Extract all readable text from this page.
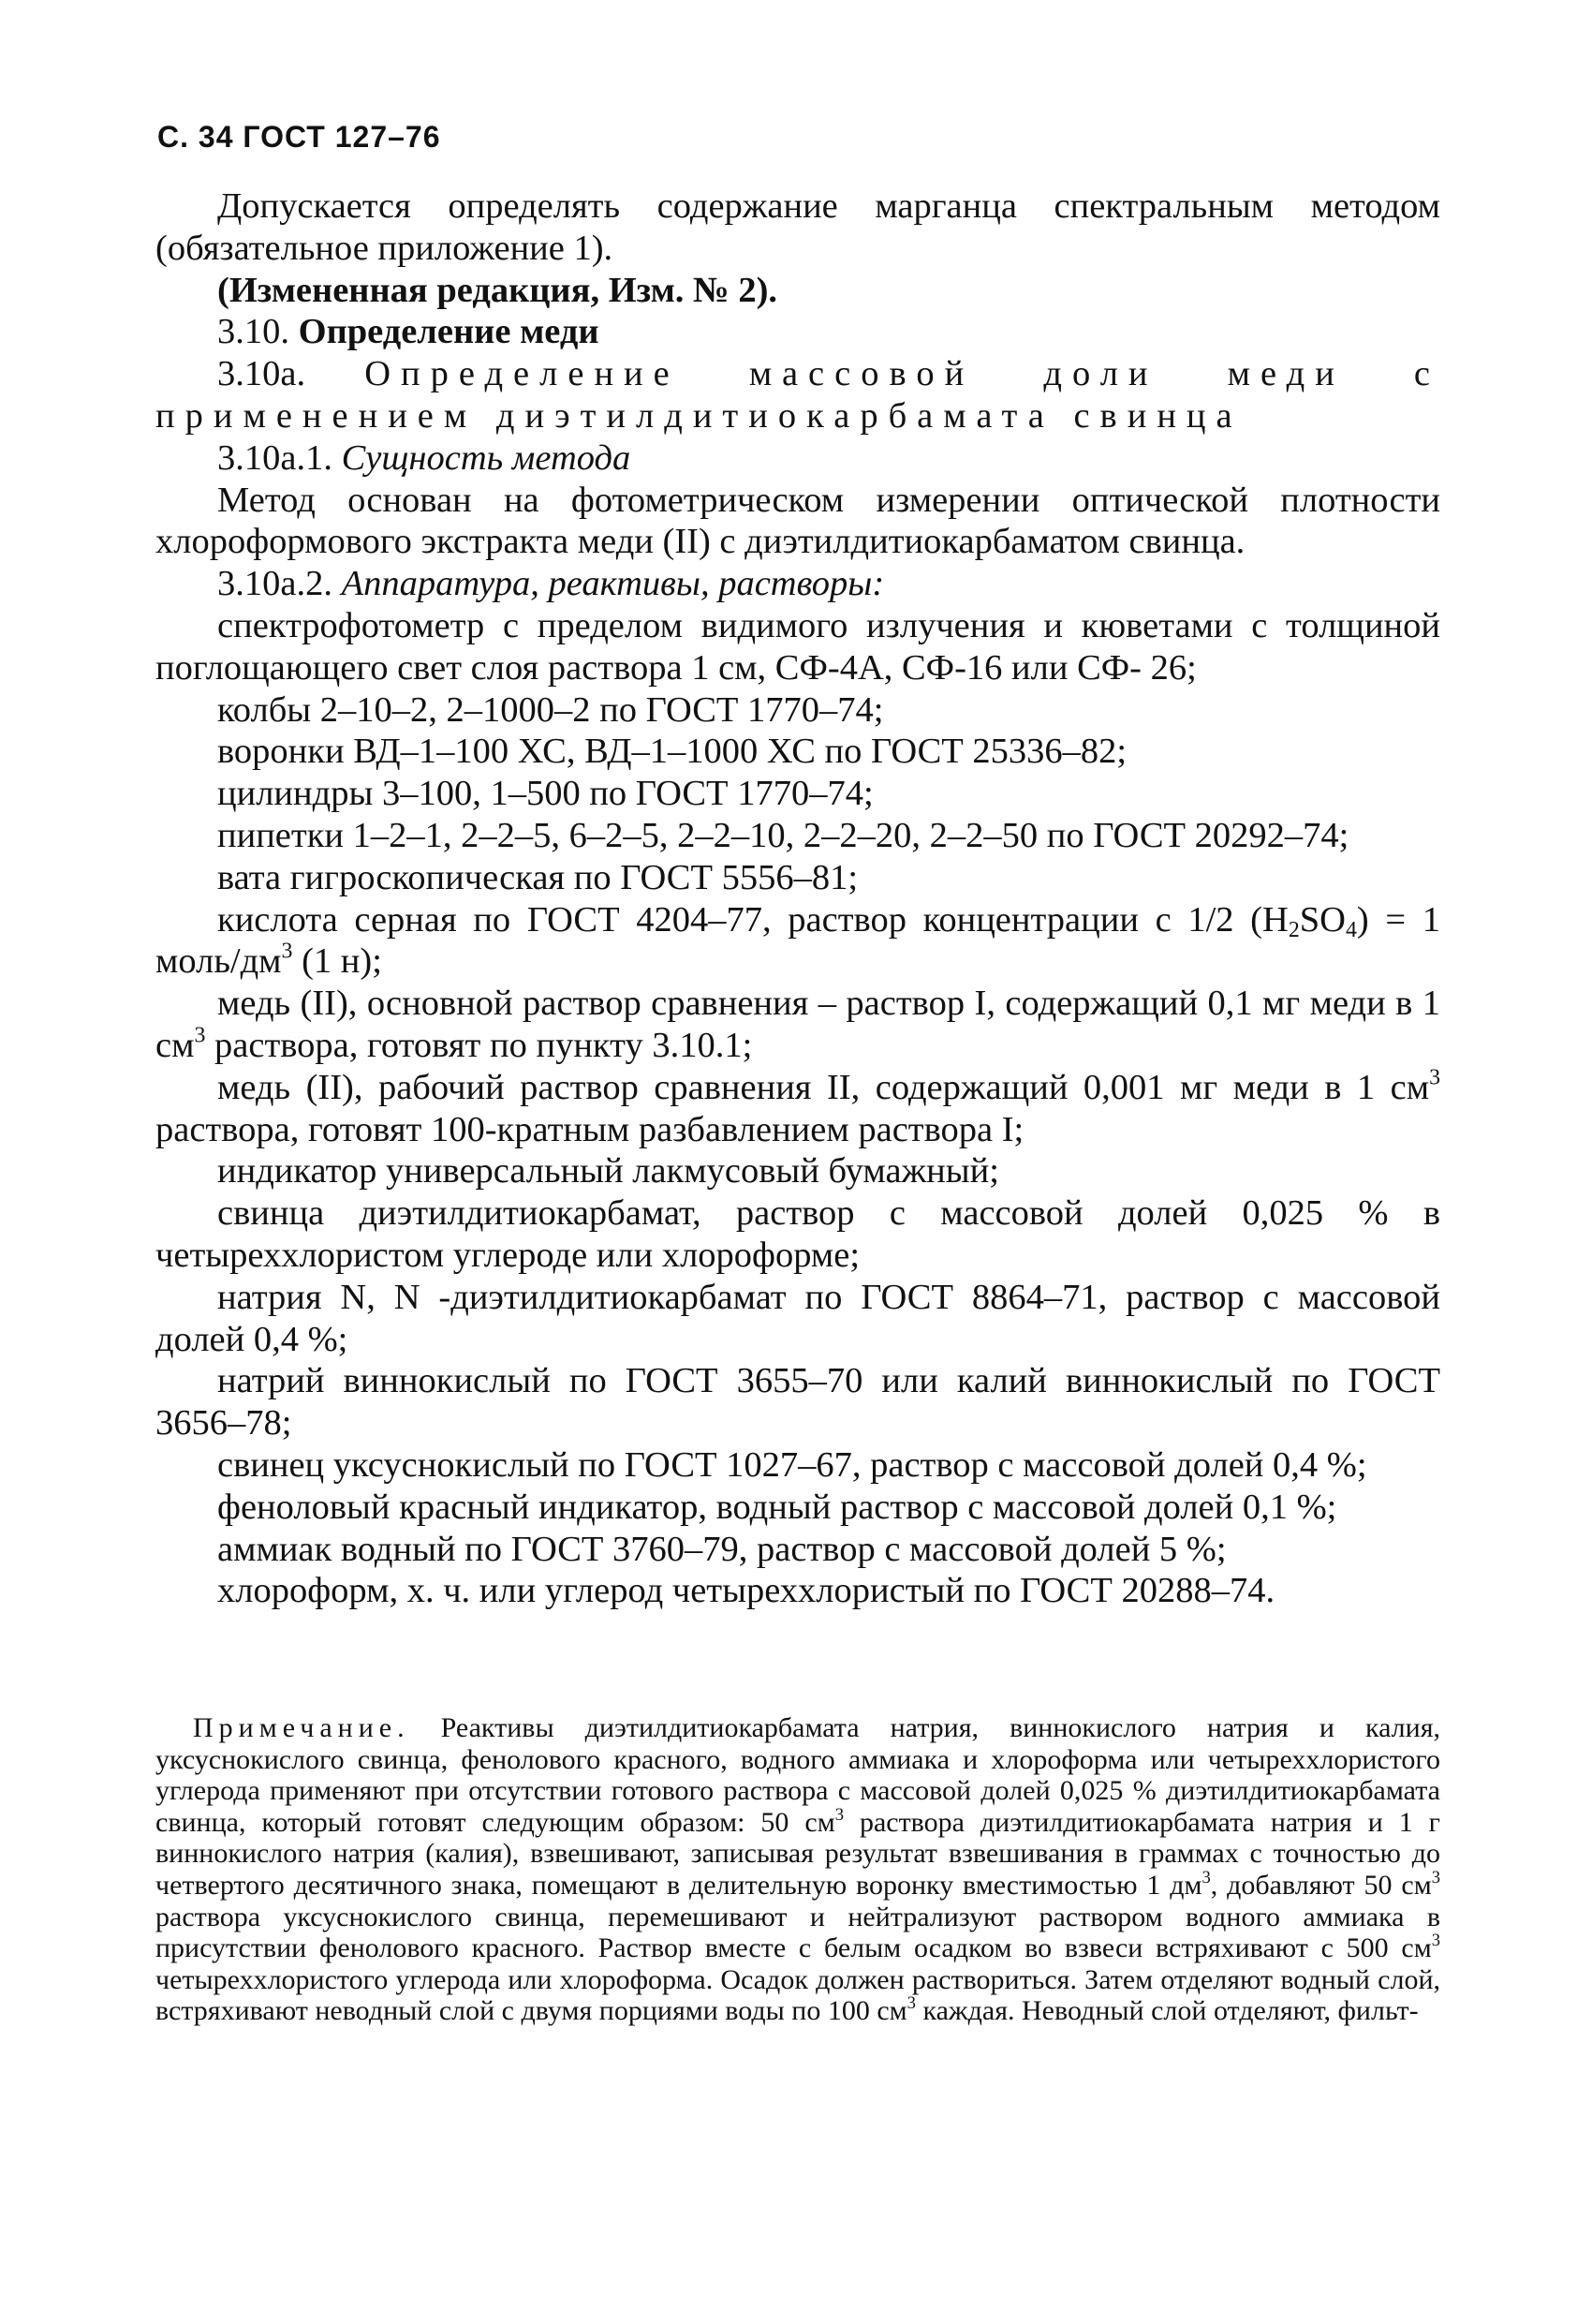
С. 34 ГОСТ 127–76

Допускается определять содержание марганца спектральным методом (обязательное приложение 1).

(Измененная редакция, Изм. № 2).

3.10. Определение меди

3.10а. Определение массовой доли меди с применением диэтилдитиокарбамата свинца

3.10а.1. Сущность метода

Метод основан на фотометрическом измерении оптической плотности хлороформового экстракта меди (II) с диэтилдитиокарбаматом свинца.

3.10а.2. Аппаратура, реактивы, растворы:

спектрофотометр с пределом видимого излучения и кюветами с толщиной поглощающего свет слоя раствора 1 см, СФ-4А, СФ-16 или СФ- 26;

колбы 2–10–2, 2–1000–2 по ГОСТ 1770–74;

воронки ВД–1–100 ХС, ВД–1–1000 ХС по ГОСТ 25336–82;

цилиндры 3–100, 1–500 по ГОСТ 1770–74;

пипетки 1–2–1, 2–2–5, 6–2–5, 2–2–10, 2–2–20, 2–2–50 по ГОСТ 20292–74;

вата гигроскопическая по ГОСТ 5556–81;

кислота серная по ГОСТ 4204–77, раствор концентрации с 1/2 $(H_2SO_4) = 1$ моль/$дм^3$ (1 н);

медь (II), основной раствор сравнения – раствор I, содержащий 0,1 мг меди в 1 $см^3$ раствора, готовят по пункту 3.10.1;

медь (II), рабочий раствор сравнения II, содержащий 0,001 мг меди в 1 $см^3$ раствора, готовят 100-кратным разбавлением раствора I;

индикатор универсальный лакмусовый бумажный;

свинца диэтилдитиокарбамат, раствор с массовой долей 0,025 % в четыреххлористом углероде или хлороформе;

натрия N, N -диэтилдитиокарбамат по ГОСТ 8864–71, раствор с массовой долей 0,4 %;

натрий виннокислый по ГОСТ 3655–70 или калий виннокислый по ГОСТ 3656–78;

свинец уксуснокислый по ГОСТ 1027–67, раствор с массовой долей 0,4 %;

феноловый красный индикатор, водный раствор с массовой долей 0,1 %;

аммиак водный по ГОСТ 3760–79, раствор с массовой долей 5 %;

хлороформ, х. ч. или углерод четыреххлористый по ГОСТ 20288–74.

Примечание. Реактивы диэтилдитиокарбамата натрия, виннокислого натрия и калия, уксуснокислого свинца, фенолового красного, водного аммиака и хлороформа или четыреххлористого углерода применяют при отсутствии готового раствора с массовой долей 0,025 % диэтилдитиокарбамата свинца, который готовят следующим образом: 50 $см^3$ раствора диэтилдитиокарбамата натрия и 1 г виннокислого натрия (калия), взвешивают, записывая результат взвешивания в граммах с точностью до четвертого десятичного знака, помещают в делительную воронку вместимостью 1 $дм^3$, добавляют 50 $см^3$ раствора уксуснокислого свинца, перемешивают и нейтрализуют раствором водного аммиака в присутствии фенолового красного. Раствор вместе с белым осадком во взвеси встряхивают с 500 $см^3$ четыреххлористого углерода или хлороформа. Осадок должен раствориться. Затем отделяют водный слой, встряхивают неводный слой с двумя порциями воды по 100 $см^3$ каждая. Неводный слой отделяют, фильт-
